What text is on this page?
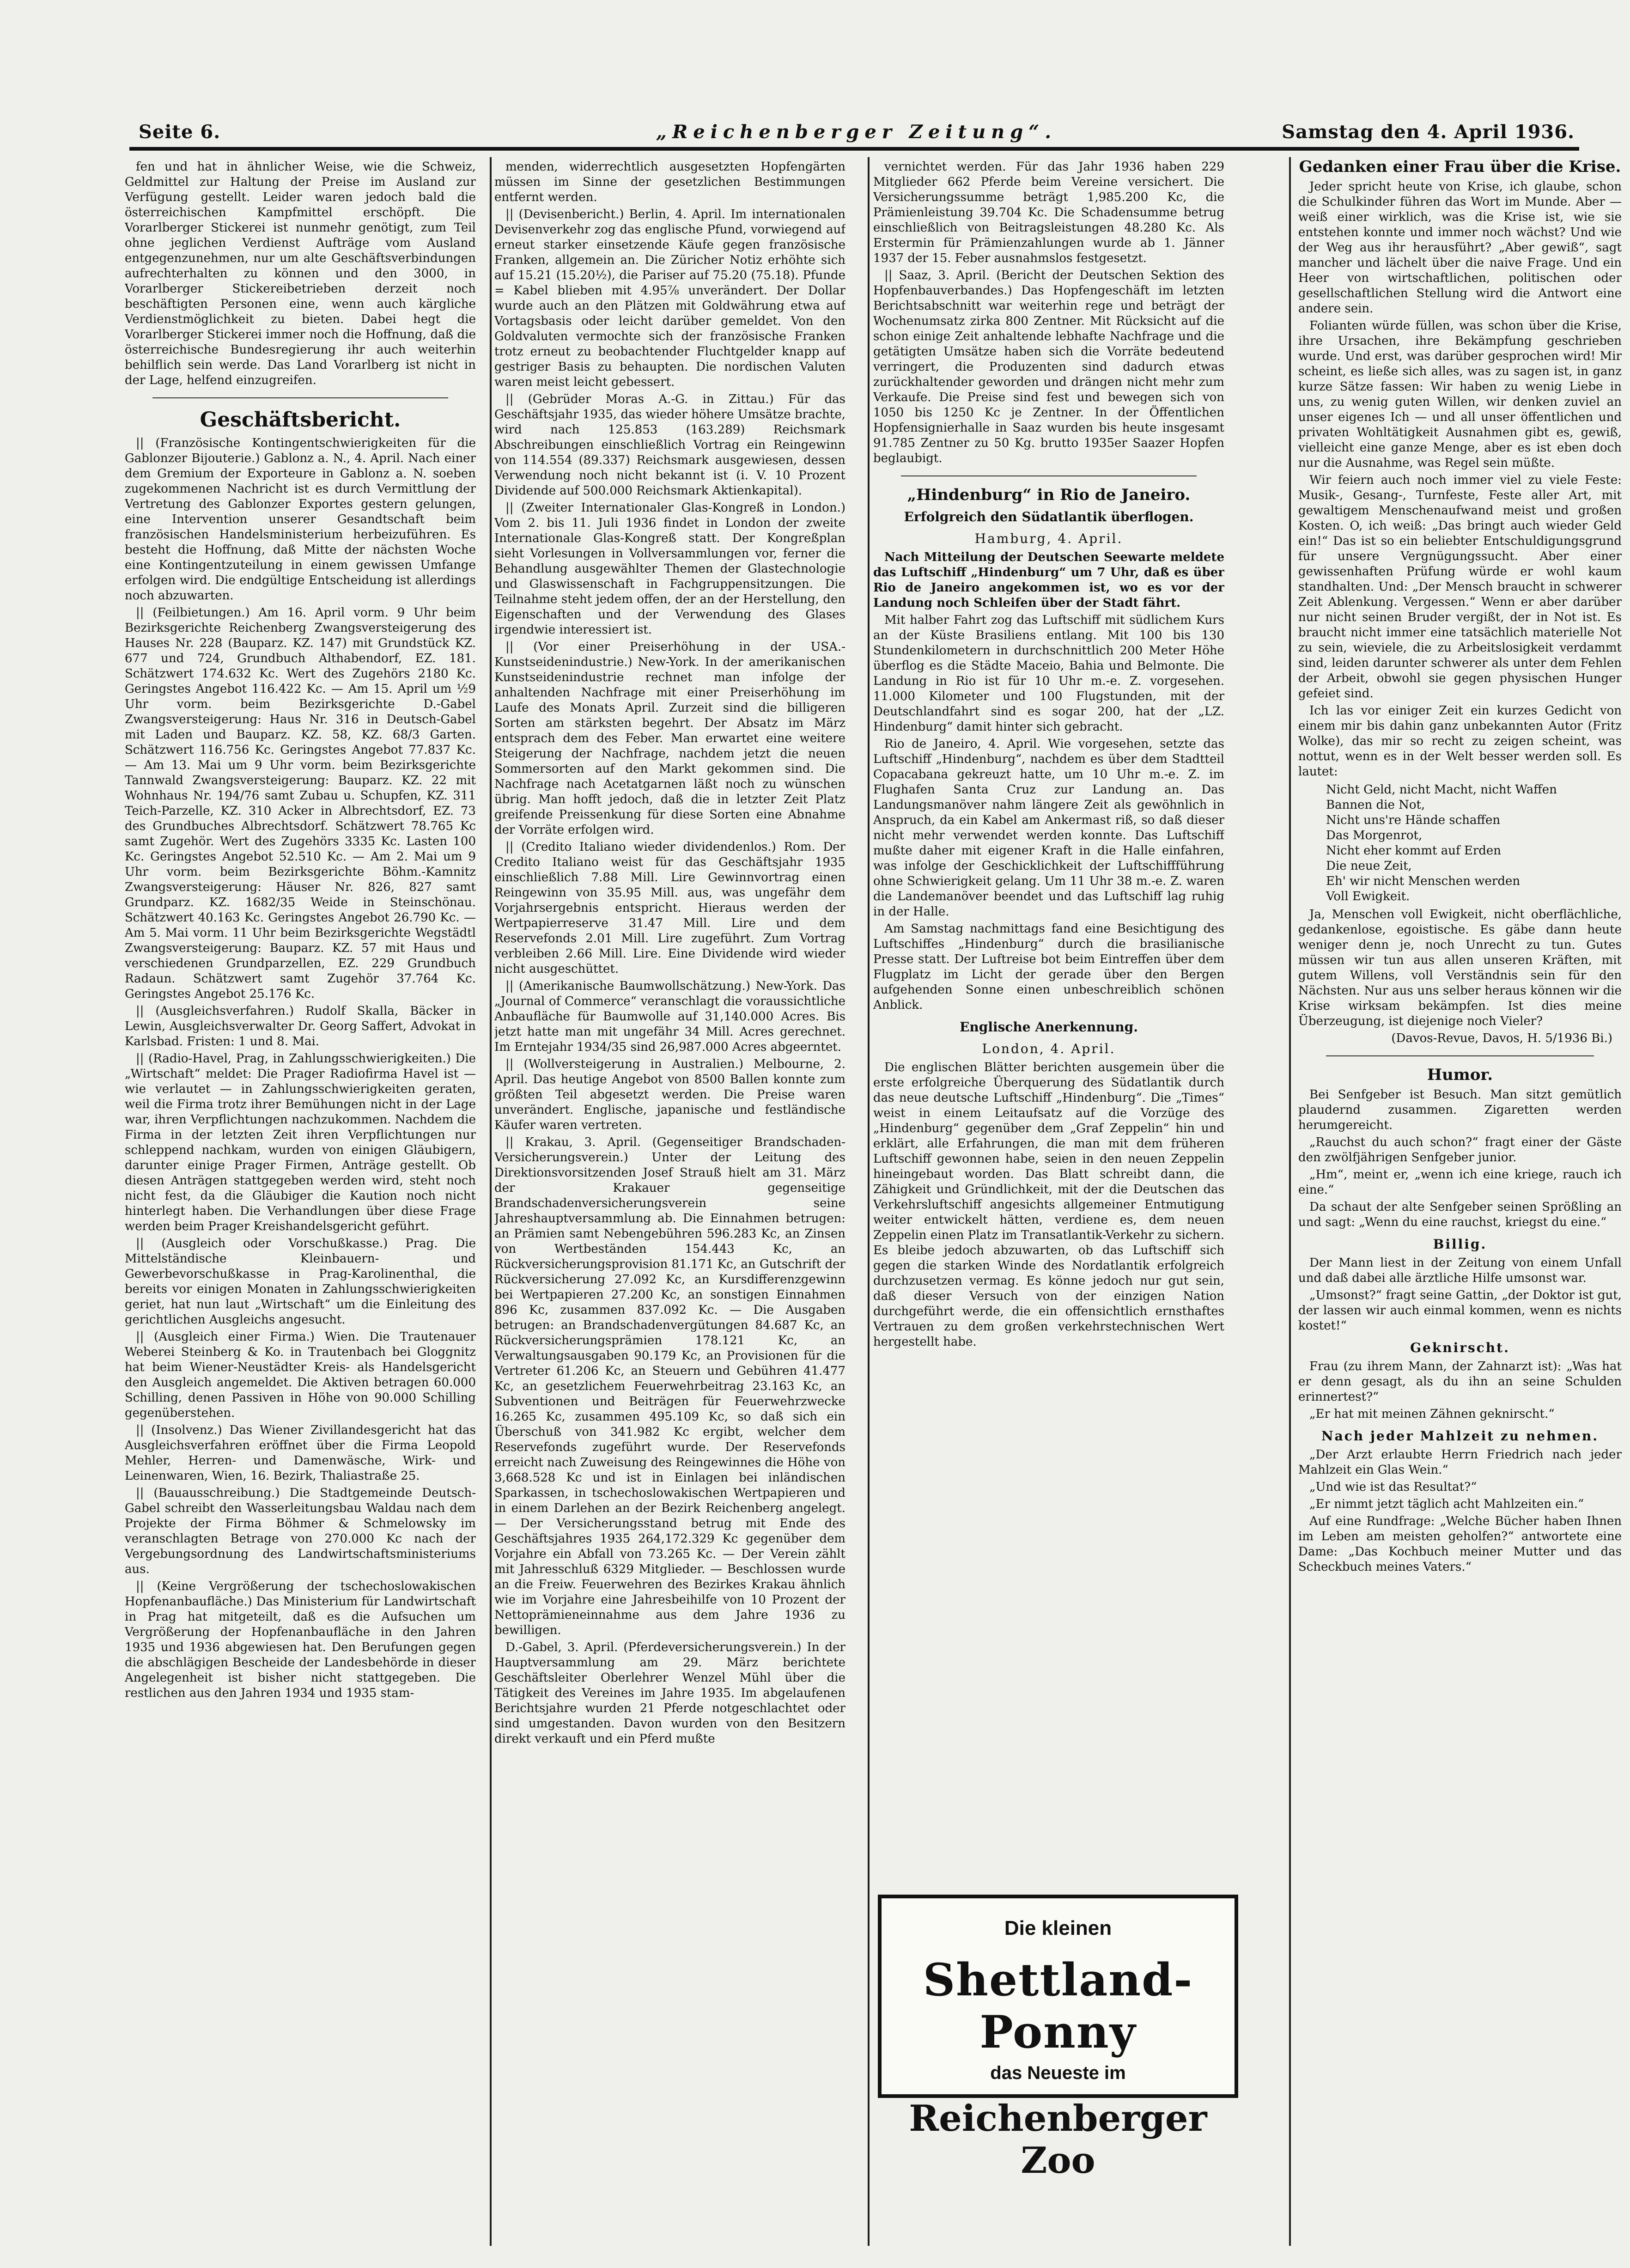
Seite 6.	„Reichenberger Zeitung“.	Samstag den 4. April 1936.

fen und hat in ähnlicher Weise, wie die Schweiz, Geldmittel zur Haltung der Preise im Ausland zur Verfügung gestellt. Leider waren jedoch bald die österreichischen Kampfmittel erschöpft. Die Vorarlberger Stickerei ist nunmehr genötigt, zum Teil ohne jeglichen Verdienst Aufträge vom Ausland entgegenzunehmen, nur um alte Geschäftsverbindungen aufrechterhalten zu können und den 3000, in Vorarlberger Stickereibetrieben derzeit noch beschäftigten Personen eine, wenn auch kärgliche Verdienstmöglichkeit zu bieten. Dabei hegt die Vorarlberger Stickerei immer noch die Hoffnung, daß die österreichische Bundesregierung ihr auch weiterhin behilflich sein werde. Das Land Vorarlberg ist nicht in der Lage, helfend einzugreifen.

Geschäftsbericht.

|| (Französische Kontingentschwierigkeiten für die Gablonzer Bijouterie.) Gablonz a. N., 4. April. Nach einer dem Gremium der Exporteure in Gablonz a. N. soeben zugekommenen Nachricht ist es durch Vermittlung der Vertretung des Gablonzer Exportes gestern gelungen, eine Intervention unserer Gesandtschaft beim französischen Handelsministerium herbeizuführen. Es besteht die Hoffnung, daß Mitte der nächsten Woche eine Kontingentzuteilung in einem gewissen Umfange erfolgen wird. Die endgültige Entscheidung ist allerdings noch abzuwarten.

|| (Feilbietungen.) Am 16. April vorm. 9 Uhr beim Bezirksgerichte Reichenberg Zwangsversteigerung des Hauses Nr. 228 (Bauparz. KZ. 147) mit Grundstück KZ. 677 und 724, Grundbuch Althabendorf, EZ. 181. Schätzwert 174.632 Kc. Wert des Zugehörs 2180 Kc. Geringstes Angebot 116.422 Kc. — Am 15. April um ½9 Uhr vorm. beim Bezirksgerichte D.-Gabel Zwangsversteigerung: Haus Nr. 316 in Deutsch-Gabel mit Laden und Bauparz. KZ. 58, KZ. 68/3 Garten. Schätzwert 116.756 Kc. Geringstes Angebot 77.837 Kc. — Am 13. Mai um 9 Uhr vorm. beim Bezirksgerichte Tannwald Zwangsversteigerung: Bauparz. KZ. 22 mit Wohnhaus Nr. 194/76 samt Zubau u. Schupfen, KZ. 311 Teich-Parzelle, KZ. 310 Acker in Albrechtsdorf, EZ. 73 des Grundbuches Albrechtsdorf. Schätzwert 78.765 Kc samt Zugehör. Wert des Zugehörs 3335 Kc. Lasten 100 Kc. Geringstes Angebot 52.510 Kc. — Am 2. Mai um 9 Uhr vorm. beim Bezirksgerichte Böhm.-Kamnitz Zwangsversteigerung: Häuser Nr. 826, 827 samt Grundparz. KZ. 1682/35 Weide in Steinschönau. Schätzwert 40.163 Kc. Geringstes Angebot 26.790 Kc. — Am 5. Mai vorm. 11 Uhr beim Bezirksgerichte Wegstädtl Zwangsversteigerung: Bauparz. KZ. 57 mit Haus und verschiedenen Grundparzellen, EZ. 229 Grundbuch Radaun. Schätzwert samt Zugehör 37.764 Kc. Geringstes Angebot 25.176 Kc.

|| (Ausgleichsverfahren.) Rudolf Skalla, Bäcker in Lewin, Ausgleichsverwalter Dr. Georg Saffert, Advokat in Karlsbad. Fristen: 1 und 8. Mai.

|| (Radio-Havel, Prag, in Zahlungsschwierigkeiten.) Die „Wirtschaft“ meldet: Die Prager Radiofirma Havel ist — wie verlautet — in Zahlungsschwierigkeiten geraten, weil die Firma trotz ihrer Bemühungen nicht in der Lage war, ihren Verpflichtungen nachzukommen. Nachdem die Firma in der letzten Zeit ihren Verpflichtungen nur schleppend nachkam, wurden von einigen Gläubigern, darunter einige Prager Firmen, Anträge gestellt. Ob diesen Anträgen stattgegeben werden wird, steht noch nicht fest, da die Gläubiger die Kaution noch nicht hinterlegt haben. Die Verhandlungen über diese Frage werden beim Prager Kreishandelsgericht geführt.

|| (Ausgleich oder Vorschußkasse.) Prag. Die Mittelständische Kleinbauern- und Gewerbevorschußkasse in Prag-Karolinenthal, die bereits vor einigen Monaten in Zahlungsschwierigkeiten geriet, hat nun laut „Wirtschaft“ um die Einleitung des gerichtlichen Ausgleichs angesucht.

|| (Ausgleich einer Firma.) Wien. Die Trautenauer Weberei Steinberg & Ko. in Trautenbach bei Gloggnitz hat beim Wiener-Neustädter Kreis- als Handelsgericht den Ausgleich angemeldet. Die Aktiven betragen 60.000 Schilling, denen Passiven in Höhe von 90.000 Schilling gegenüberstehen.

|| (Insolvenz.) Das Wiener Zivillandesgericht hat das Ausgleichsverfahren eröffnet über die Firma Leopold Mehler, Herren- und Damenwäsche, Wirk- und Leinenwaren, Wien, 16. Bezirk, Thaliastraße 25.

|| (Bauausschreibung.) Die Stadtgemeinde Deutsch-Gabel schreibt den Wasserleitungsbau Waldau nach dem Projekte der Firma Böhmer & Schmelowsky im veranschlagten Betrage von 270.000 Kc nach der Vergebungsordnung des Landwirtschaftsministeriums aus.

|| (Keine Vergrößerung der tschechoslowakischen Hopfenanbaufläche.) Das Ministerium für Landwirtschaft in Prag hat mitgeteilt, daß es die Aufsuchen um Vergrößerung der Hopfenanbaufläche in den Jahren 1935 und 1936 abgewiesen hat. Den Berufungen gegen die abschlägigen Bescheide der Landesbehörde in dieser Angelegenheit ist bisher nicht stattgegeben. Die restlichen aus den Jahren 1934 und 1935 stam-

menden, widerrechtlich ausgesetzten Hopfengärten müssen im Sinne der gesetzlichen Bestimmungen entfernt werden.

|| (Devisenbericht.) Berlin, 4. April. Im internationalen Devisenverkehr zog das englische Pfund, vorwiegend auf erneut starker einsetzende Käufe gegen französische Franken, allgemein an. Die Züricher Notiz erhöhte sich auf 15.21 (15.20½), die Pariser auf 75.20 (75.18). Pfunde = Kabel blieben mit 4.95⅞ unverändert. Der Dollar wurde auch an den Plätzen mit Goldwährung etwa auf Vortagsbasis oder leicht darüber gemeldet. Von den Goldvaluten vermochte sich der französische Franken trotz erneut zu beobachtender Fluchtgelder knapp auf gestriger Basis zu behaupten. Die nordischen Valuten waren meist leicht gebessert.

|| (Gebrüder Moras A.-G. in Zittau.) Für das Geschäftsjahr 1935, das wieder höhere Umsätze brachte, wird nach 125.853 (163.289) Reichsmark Abschreibungen einschließlich Vortrag ein Reingewinn von 114.554 (89.337) Reichsmark ausgewiesen, dessen Verwendung noch nicht bekannt ist (i. V. 10 Prozent Dividende auf 500.000 Reichsmark Aktienkapital).

|| (Zweiter Internationaler Glas-Kongreß in London.) Vom 2. bis 11. Juli 1936 findet in London der zweite Internationale Glas-Kongreß statt. Der Kongreßplan sieht Vorlesungen in Vollversammlungen vor, ferner die Behandlung ausgewählter Themen der Glastechnologie und Glaswissenschaft in Fachgruppensitzungen. Die Teilnahme steht jedem offen, der an der Herstellung, den Eigenschaften und der Verwendung des Glases irgendwie interessiert ist.

|| (Vor einer Preiserhöhung in der USA.-Kunstseidenindustrie.) New-York. In der amerikanischen Kunstseidenindustrie rechnet man infolge der anhaltenden Nachfrage mit einer Preiserhöhung im Laufe des Monats April. Zurzeit sind die billigeren Sorten am stärksten begehrt. Der Absatz im März entsprach dem des Feber. Man erwartet eine weitere Steigerung der Nachfrage, nachdem jetzt die neuen Sommersorten auf den Markt gekommen sind. Die Nachfrage nach Acetatgarnen läßt noch zu wünschen übrig. Man hofft jedoch, daß die in letzter Zeit Platz greifende Preissenkung für diese Sorten eine Abnahme der Vorräte erfolgen wird.

|| (Credito Italiano wieder dividendenlos.) Rom. Der Credito Italiano weist für das Geschäftsjahr 1935 einschließlich 7.88 Mill. Lire Gewinnvortrag einen Reingewinn von 35.95 Mill. aus, was ungefähr dem Vorjahrsergebnis entspricht. Hieraus werden der Wertpapierreserve 31.47 Mill. Lire und dem Reservefonds 2.01 Mill. Lire zugeführt. Zum Vortrag verbleiben 2.66 Mill. Lire. Eine Dividende wird wieder nicht ausgeschüttet.

|| (Amerikanische Baumwollschätzung.) New-York. Das „Journal of Commerce“ veranschlagt die voraussichtliche Anbaufläche für Baumwolle auf 31,140.000 Acres. Bis jetzt hatte man mit ungefähr 34 Mill. Acres gerechnet. Im Erntejahr 1934/35 sind 26,987.000 Acres abgeerntet.

|| (Wollversteigerung in Australien.) Melbourne, 2. April. Das heutige Angebot von 8500 Ballen konnte zum größten Teil abgesetzt werden. Die Preise waren unverändert. Englische, japanische und festländische Käufer waren vertreten.

|| Krakau, 3. April. (Gegenseitiger Brandschaden-Versicherungsverein.) Unter der Leitung des Direktionsvorsitzenden Josef Strauß hielt am 31. März der Krakauer gegenseitige Brandschadenversicherungsverein seine Jahreshauptversammlung ab. Die Einnahmen betrugen: an Prämien samt Nebengebühren 596.283 Kc, an Zinsen von Wertbeständen 154.443 Kc, an Rückversicherungsprovision 81.171 Kc, an Gutschrift der Rückversicherung 27.092 Kc, an Kursdifferenzgewinn bei Wertpapieren 27.200 Kc, an sonstigen Einnahmen 896 Kc, zusammen 837.092 Kc. — Die Ausgaben betrugen: an Brandschadenvergütungen 84.687 Kc, an Rückversicherungsprämien 178.121 Kc, an Verwaltungsausgaben 90.179 Kc, an Provisionen für die Vertreter 61.206 Kc, an Steuern und Gebühren 41.477 Kc, an gesetzlichem Feuerwehrbeitrag 23.163 Kc, an Subventionen und Beiträgen für Feuerwehrzwecke 16.265 Kc, zusammen 495.109 Kc, so daß sich ein Überschuß von 341.982 Kc ergibt, welcher dem Reservefonds zugeführt wurde. Der Reservefonds erreicht nach Zuweisung des Reingewinnes die Höhe von 3,668.528 Kc und ist in Einlagen bei inländischen Sparkassen, in tschechoslowakischen Wertpapieren und in einem Darlehen an der Bezirk Reichenberg angelegt. — Der Versicherungsstand betrug mit Ende des Geschäftsjahres 1935 264,172.329 Kc gegenüber dem Vorjahre ein Abfall von 73.265 Kc. — Der Verein zählt mit Jahresschluß 6329 Mitglieder. — Beschlossen wurde an die Freiw. Feuerwehren des Bezirkes Krakau ähnlich wie im Vorjahre eine Jahresbeihilfe von 10 Prozent der Nettoprämieneinnahme aus dem Jahre 1936 zu bewilligen.

D.-Gabel, 3. April. (Pferdeversicherungsverein.) In der Hauptversammlung am 29. März berichtete Geschäftsleiter Oberlehrer Wenzel Mühl über die Tätigkeit des Vereines im Jahre 1935. Im abgelaufenen Berichtsjahre wurden 21 Pferde notgeschlachtet oder sind umgestanden. Davon wurden von den Besitzern direkt verkauft und ein Pferd mußte

vernichtet werden. Für das Jahr 1936 haben 229 Mitglieder 662 Pferde beim Vereine versichert. Die Versicherungssumme beträgt 1,985.200 Kc, die Prämienleistung 39.704 Kc. Die Schadensumme betrug einschließlich von Beitragsleistungen 48.280 Kc. Als Erstermin für Prämienzahlungen wurde ab 1. Jänner 1937 der 15. Feber ausnahmslos festgesetzt.

|| Saaz, 3. April. (Bericht der Deutschen Sektion des Hopfenbauverbandes.) Das Hopfengeschäft im letzten Berichtsabschnitt war weiterhin rege und beträgt der Wochenumsatz zirka 800 Zentner. Mit Rücksicht auf die schon einige Zeit anhaltende lebhafte Nachfrage und die getätigten Umsätze haben sich die Vorräte bedeutend verringert, die Produzenten sind dadurch etwas zurückhaltender geworden und drängen nicht mehr zum Verkaufe. Die Preise sind fest und bewegen sich von 1050 bis 1250 Kc je Zentner. In der Öffentlichen Hopfensignierhalle in Saaz wurden bis heute insgesamt 91.785 Zentner zu 50 Kg. brutto 1935er Saazer Hopfen beglaubigt.

„Hindenburg“ in Rio de Janeiro.
Erfolgreich den Südatlantik überflogen.
Hamburg, 4. April.

Nach Mitteilung der Deutschen Seewarte meldete das Luftschiff „Hindenburg“ um 7 Uhr, daß es über Rio de Janeiro angekommen ist, wo es vor der Landung noch Schleifen über der Stadt fährt.

Mit halber Fahrt zog das Luftschiff mit südlichem Kurs an der Küste Brasiliens entlang. Mit 100 bis 130 Stundenkilometern in durchschnittlich 200 Meter Höhe überflog es die Städte Maceio, Bahia und Belmonte. Die Landung in Rio ist für 10 Uhr m.-e. Z. vorgesehen. 11.000 Kilometer und 100 Flugstunden, mit der Deutschlandfahrt sind es sogar 200, hat der „LZ. Hindenburg“ damit hinter sich gebracht.

Rio de Janeiro, 4. April. Wie vorgesehen, setzte das Luftschiff „Hindenburg“, nachdem es über dem Stadtteil Copacabana gekreuzt hatte, um 10 Uhr m.-e. Z. im Flughafen Santa Cruz zur Landung an. Das Landungsmanöver nahm längere Zeit als gewöhnlich in Anspruch, da ein Kabel am Ankermast riß, so daß dieser nicht mehr verwendet werden konnte. Das Luftschiff mußte daher mit eigener Kraft in die Halle einfahren, was infolge der Geschicklichkeit der Luftschiffführung ohne Schwierigkeit gelang. Um 11 Uhr 38 m.-e. Z. waren die Landemanöver beendet und das Luftschiff lag ruhig in der Halle.

Am Samstag nachmittags fand eine Besichtigung des Luftschiffes „Hindenburg“ durch die brasilianische Presse statt. Der Luftreise bot beim Eintreffen über dem Flugplatz im Licht der gerade über den Bergen aufgehenden Sonne einen unbeschreiblich schönen Anblick.

Englische Anerkennung.
London, 4. April.

Die englischen Blätter berichten ausgemein über die erste erfolgreiche Überquerung des Südatlantik durch das neue deutsche Luftschiff „Hindenburg“. Die „Times“ weist in einem Leitaufsatz auf die Vorzüge des „Hindenburg“ gegenüber dem „Graf Zeppelin“ hin und erklärt, alle Erfahrungen, die man mit dem früheren Luftschiff gewonnen habe, seien in den neuen Zeppelin hineingebaut worden. Das Blatt schreibt dann, die Zähigkeit und Gründlichkeit, mit der die Deutschen das Verkehrsluftschiff angesichts allgemeiner Entmutigung weiter entwickelt hätten, verdiene es, dem neuen Zeppelin einen Platz im Transatlantik-Verkehr zu sichern. Es bleibe jedoch abzuwarten, ob das Luftschiff sich gegen die starken Winde des Nordatlantik erfolgreich durchzusetzen vermag. Es könne jedoch nur gut sein, daß dieser Versuch von der einzigen Nation durchgeführt werde, die ein offensichtlich ernsthaftes Vertrauen zu dem großen verkehrstechnischen Wert hergestellt habe.

Die kleinen
Shettland-Ponny
das Neueste im
Reichenberger Zoo
Gedanken einer Frau über die Krise.

Jeder spricht heute von Krise, ich glaube, schon die Schulkinder führen das Wort im Munde. Aber — weiß einer wirklich, was die Krise ist, wie sie entstehen konnte und immer noch wächst? Und wie der Weg aus ihr herausführt? „Aber gewiß“, sagt mancher und lächelt über die naive Frage. Und ein Heer von wirtschaftlichen, politischen oder gesellschaftlichen Stellung wird die Antwort eine andere sein.

Folianten würde füllen, was schon über die Krise, ihre Ursachen, ihre Bekämpfung geschrieben wurde. Und erst, was darüber gesprochen wird! Mir scheint, es ließe sich alles, was zu sagen ist, in ganz kurze Sätze fassen: Wir haben zu wenig Liebe in uns, zu wenig guten Willen, wir denken zuviel an unser eigenes Ich — und all unser öffentlichen und privaten Wohltätigkeit Ausnahmen gibt es, gewiß, vielleicht eine ganze Menge, aber es ist eben doch nur die Ausnahme, was Regel sein müßte.

Wir feiern auch noch immer viel zu viele Feste: Musik-, Gesang-, Turnfeste, Feste aller Art, mit gewaltigem Menschenaufwand meist und großen Kosten. O, ich weiß: „Das bringt auch wieder Geld ein!“ Das ist so ein beliebter Entschuldigungsgrund für unsere Vergnügungssucht. Aber einer gewissenhaften Prüfung würde er wohl kaum standhalten. Und: „Der Mensch braucht in schwerer Zeit Ablenkung. Vergessen.“ Wenn er aber darüber nur nicht seinen Bruder vergißt, der in Not ist. Es braucht nicht immer eine tatsächlich materielle Not zu sein, wieviele, die zu Arbeitslosigkeit verdammt sind, leiden darunter schwerer als unter dem Fehlen der Arbeit, obwohl sie gegen physischen Hunger gefeiet sind.

Ich las vor einiger Zeit ein kurzes Gedicht von einem mir bis dahin ganz unbekannten Autor (Fritz Wolke), das mir so recht zu zeigen scheint, was nottut, wenn es in der Welt besser werden soll. Es lautet:

Nicht Geld, nicht Macht, nicht Waffen
Bannen die Not,
Nicht uns're Hände schaffen
Das Morgenrot,
Nicht eher kommt auf Erden
Die neue Zeit,
Eh' wir nicht Menschen werden
Voll Ewigkeit.

Ja, Menschen voll Ewigkeit, nicht oberflächliche, gedankenlose, egoistische. Es gäbe dann heute weniger denn je, noch Unrecht zu tun. Gutes müssen wir tun aus allen unseren Kräften, mit gutem Willens, voll Verständnis sein für den Nächsten. Nur aus uns selber heraus können wir die Krise wirksam bekämpfen. Ist dies meine Überzeugung, ist diejenige noch Vieler?

(Davos-Revue, Davos, H. 5/1936 Bi.)
Humor.

Bei Senfgeber ist Besuch. Man sitzt gemütlich plaudernd zusammen. Zigaretten werden herumgereicht.

„Rauchst du auch schon?“ fragt einer der Gäste den zwölfjährigen Senfgeber junior.

„Hm“, meint er, „wenn ich eine kriege, rauch ich eine.“

Da schaut der alte Senfgeber seinen Sprößling an und sagt: „Wenn du eine rauchst, kriegst du eine.“

Billig.

Der Mann liest in der Zeitung von einem Unfall und daß dabei alle ärztliche Hilfe umsonst war.

„Umsonst?“ fragt seine Gattin, „der Doktor ist gut, der lassen wir auch einmal kommen, wenn es nichts kostet!“

Geknirscht.

Frau (zu ihrem Mann, der Zahnarzt ist): „Was hat er denn gesagt, als du ihn an seine Schulden erinnertest?“

„Er hat mit meinen Zähnen geknirscht.“

Nach jeder Mahlzeit zu nehmen.

„Der Arzt erlaubte Herrn Friedrich nach jeder Mahlzeit ein Glas Wein.“

„Und wie ist das Resultat?“

„Er nimmt jetzt täglich acht Mahlzeiten ein.“

Auf eine Rundfrage: „Welche Bücher haben Ihnen im Leben am meisten geholfen?“ antwortete eine Dame: „Das Kochbuch meiner Mutter und das Scheckbuch meines Vaters.“
